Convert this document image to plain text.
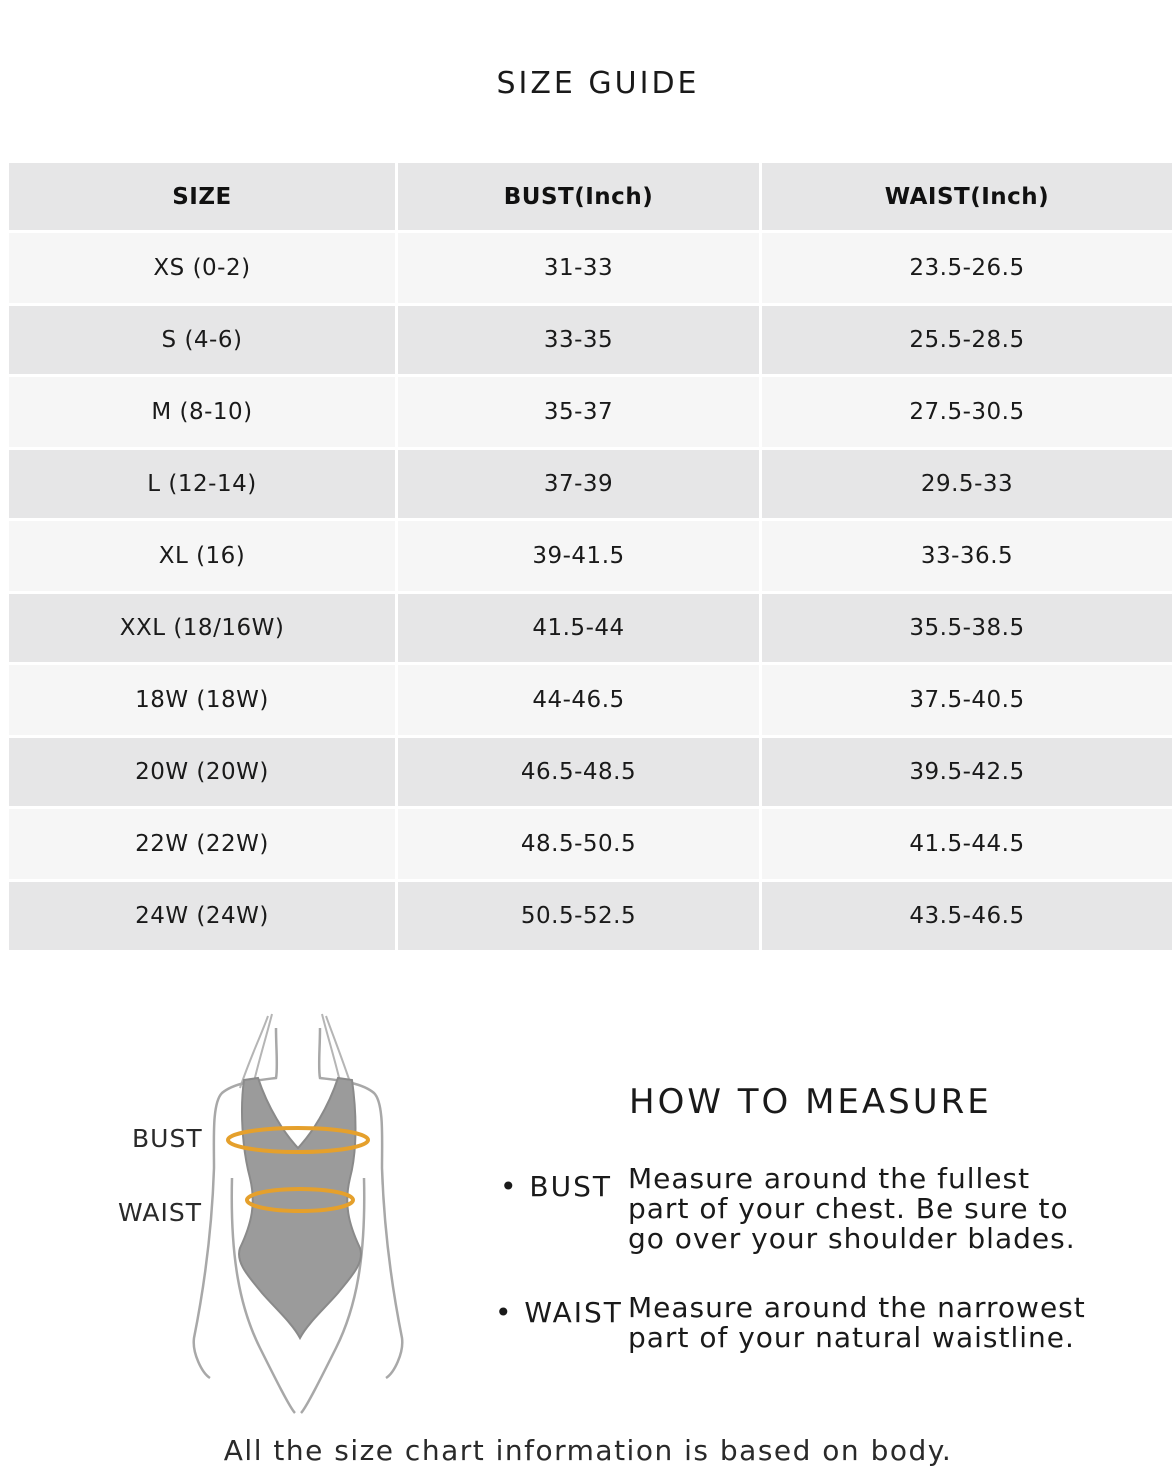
SIZE GUIDE
SIZE	BUST(Inch)	WAIST(Inch)
XS (0-2)	31-33	23.5-26.5
S (4-6)	33-35	25.5-28.5
M (8-10)	35-37	27.5-30.5
L (12-14)	37-39	29.5-33
XL (16)	39-41.5	33-36.5
XXL (18/16W)	41.5-44	35.5-38.5
18W (18W)	44-46.5	37.5-40.5
20W (20W)	46.5-48.5	39.5-42.5
22W (22W)	48.5-50.5	41.5-44.5
24W (24W)	50.5-52.5	43.5-46.5
BUST
WAIST
HOW TO MEASURE
• BUST Measure around the fullest part of your chest. Be sure to go over your shoulder blades.
• WAIST Measure around the narrowest part of your natural waistline.
All the size chart information is based on body.
